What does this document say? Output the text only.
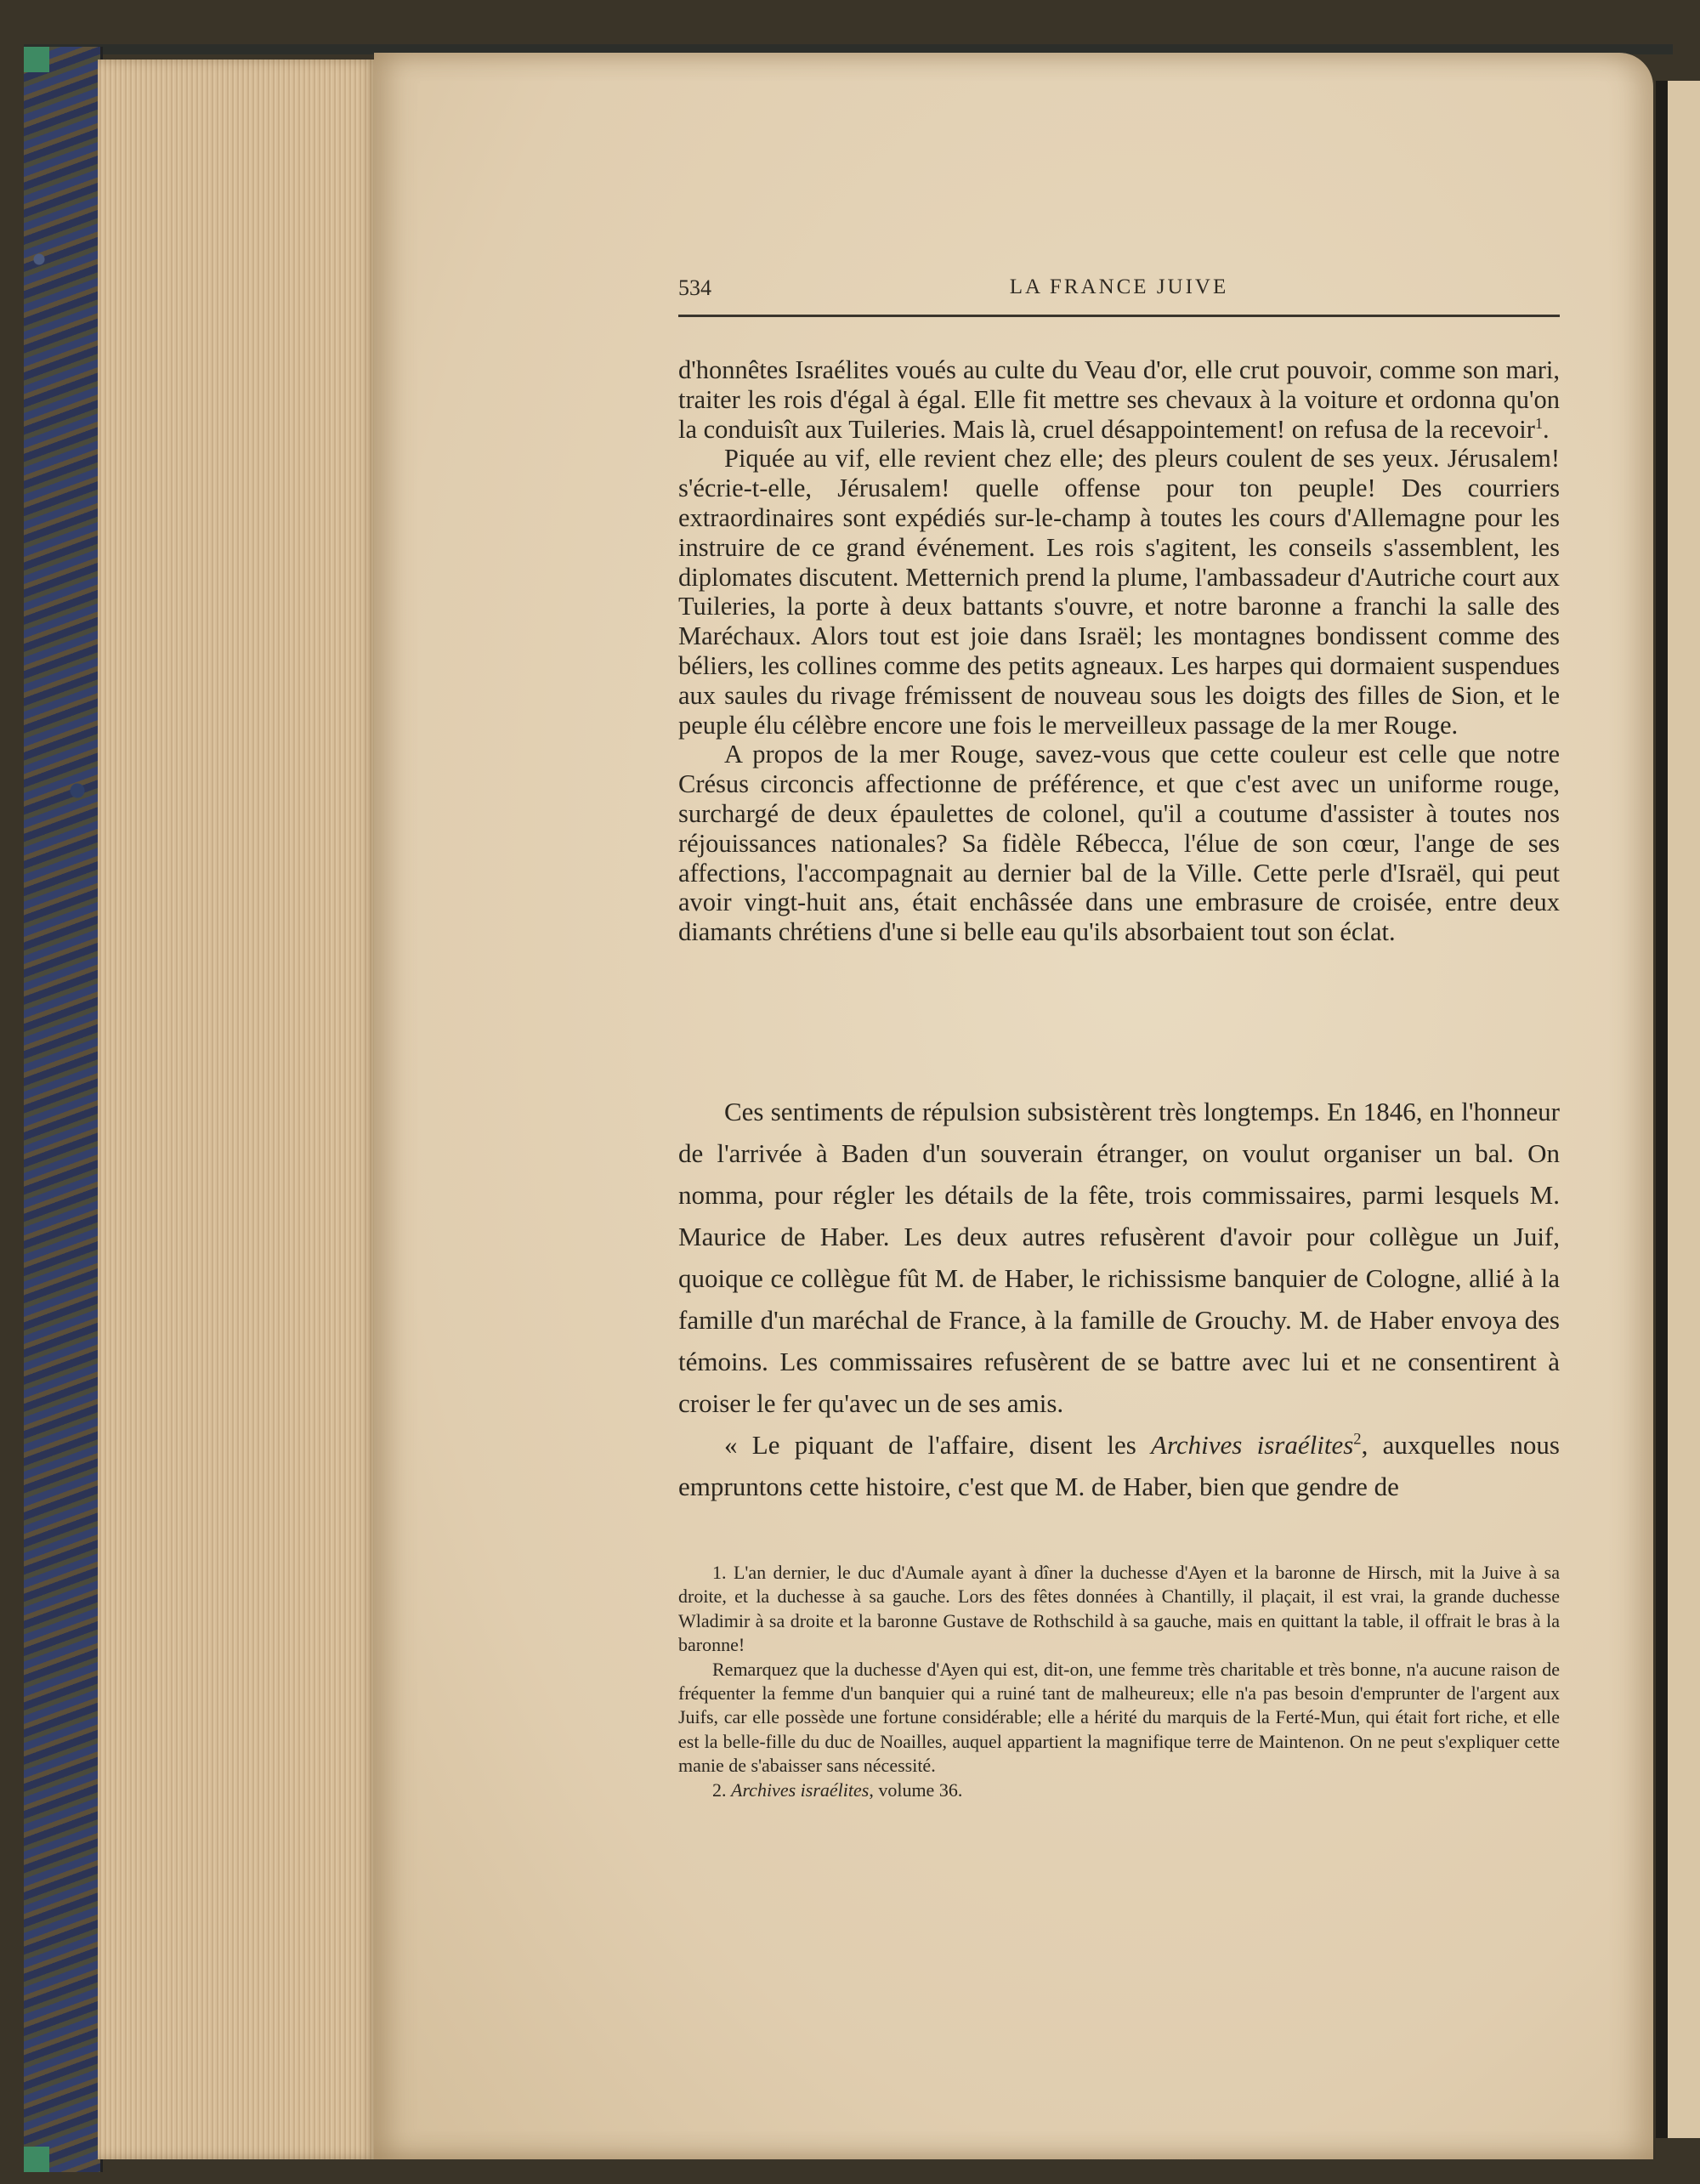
534	LA FRANCE JUIVE

d'honnêtes Israélites voués au culte du Veau d'or, elle crut pouvoir, comme son mari, traiter les rois d'égal à égal. Elle fit mettre ses chevaux à la voiture et ordonna qu'on la conduisît aux Tuileries. Mais là, cruel désappointement! on refusa de la recevoir$^1$.

Piquée au vif, elle revient chez elle; des pleurs coulent de ses yeux. Jérusalem! s'écrie-t-elle, Jérusalem! quelle offense pour ton peuple! Des courriers extraordinaires sont expédiés sur-le-champ à toutes les cours d'Allemagne pour les instruire de ce grand événement. Les rois s'agitent, les conseils s'assemblent, les diplomates discutent. Metternich prend la plume, l'ambassadeur d'Autriche court aux Tuileries, la porte à deux battants s'ouvre, et notre baronne a franchi la salle des Maréchaux. Alors tout est joie dans Israël; les montagnes bondissent comme des béliers, les collines comme des petits agneaux. Les harpes qui dormaient suspendues aux saules du rivage frémissent de nouveau sous les doigts des filles de Sion, et le peuple élu célèbre encore une fois le merveilleux passage de la mer Rouge.

A propos de la mer Rouge, savez-vous que cette couleur est celle que notre Crésus circoncis affectionne de préférence, et que c'est avec un uniforme rouge, surchargé de deux épaulettes de colonel, qu'il a coutume d'assister à toutes nos réjouissances nationales? Sa fidèle Rébecca, l'élue de son cœur, l'ange de ses affections, l'accompagnait au dernier bal de la Ville. Cette perle d'Israël, qui peut avoir vingt-huit ans, était enchâssée dans une embrasure de croisée, entre deux diamants chrétiens d'une si belle eau qu'ils absorbaient tout son éclat.

Ces sentiments de répulsion subsistèrent très longtemps. En 1846, en l'honneur de l'arrivée à Baden d'un souverain étranger, on voulut organiser un bal. On nomma, pour régler les détails de la fête, trois commissaires, parmi lesquels M. Maurice de Haber. Les deux autres refusèrent d'avoir pour collègue un Juif, quoique ce collègue fût M. de Haber, le richissisme banquier de Cologne, allié à la famille d'un maréchal de France, à la famille de Grouchy. M. de Haber envoya des témoins. Les commissaires refusèrent de se battre avec lui et ne consentirent à croiser le fer qu'avec un de ses amis.

« Le piquant de l'affaire, disent les Archives israélites$^2$, auxquelles nous empruntons cette histoire, c'est que M. de Haber, bien que gendre de

1. L'an dernier, le duc d'Aumale ayant à dîner la duchesse d'Ayen et la baronne de Hirsch, mit la Juive à sa droite, et la duchesse à sa gauche. Lors des fêtes données à Chantilly, il plaçait, il est vrai, la grande duchesse Wladimir à sa droite et la baronne Gustave de Rothschild à sa gauche, mais en quittant la table, il offrait le bras à la baronne!

Remarquez que la duchesse d'Ayen qui est, dit-on, une femme très charitable et très bonne, n'a aucune raison de fréquenter la femme d'un banquier qui a ruiné tant de malheureux; elle n'a pas besoin d'emprunter de l'argent aux Juifs, car elle possède une fortune considérable; elle a hérité du marquis de la Ferté-Mun, qui était fort riche, et elle est la belle-fille du duc de Noailles, auquel appartient la magnifique terre de Maintenon. On ne peut s'expliquer cette manie de s'abaisser sans nécessité.

2. Archives israélites, volume 36.
